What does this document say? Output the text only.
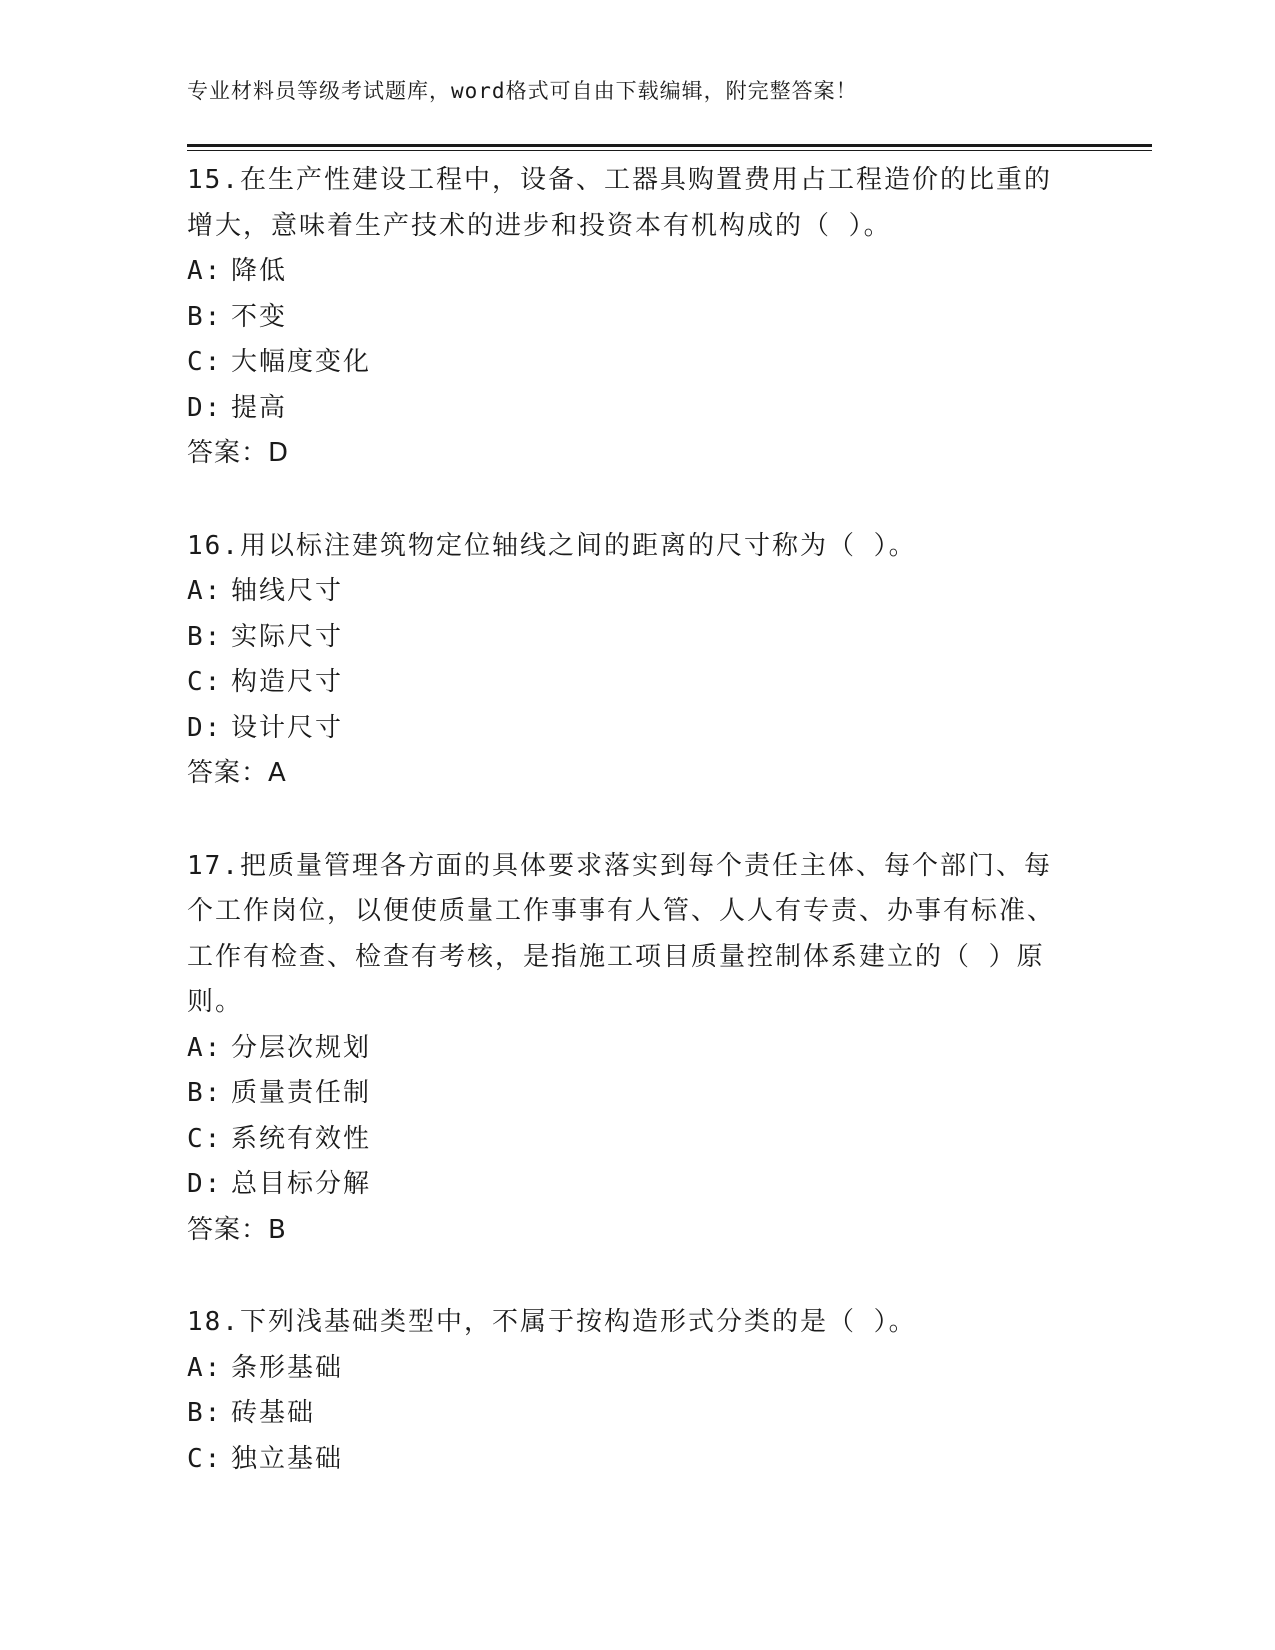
专业材料员等级考试题库，word格式可自由下载编辑，附完整答案！
15.在生产性建设工程中，设备、工器具购置费用占工程造价的比重的增大，意味着生产技术的进步和投资本有机构成的（ ）。
A: 降低
B: 不变
C: 大幅度变化
D: 提高
答案：D
16.用以标注建筑物定位轴线之间的距离的尺寸称为（ ）。
A: 轴线尺寸
B: 实际尺寸
C: 构造尺寸
D: 设计尺寸
答案：A
17.把质量管理各方面的具体要求落实到每个责任主体、每个部门、每个工作岗位，以便使质量工作事事有人管、人人有专责、办事有标准、工作有检查、检查有考核，是指施工项目质量控制体系建立的（ ）原则。
A: 分层次规划
B: 质量责任制
C: 系统有效性
D: 总目标分解
答案：B
18.下列浅基础类型中，不属于按构造形式分类的是（ ）。
A: 条形基础
B: 砖基础
C: 独立基础
